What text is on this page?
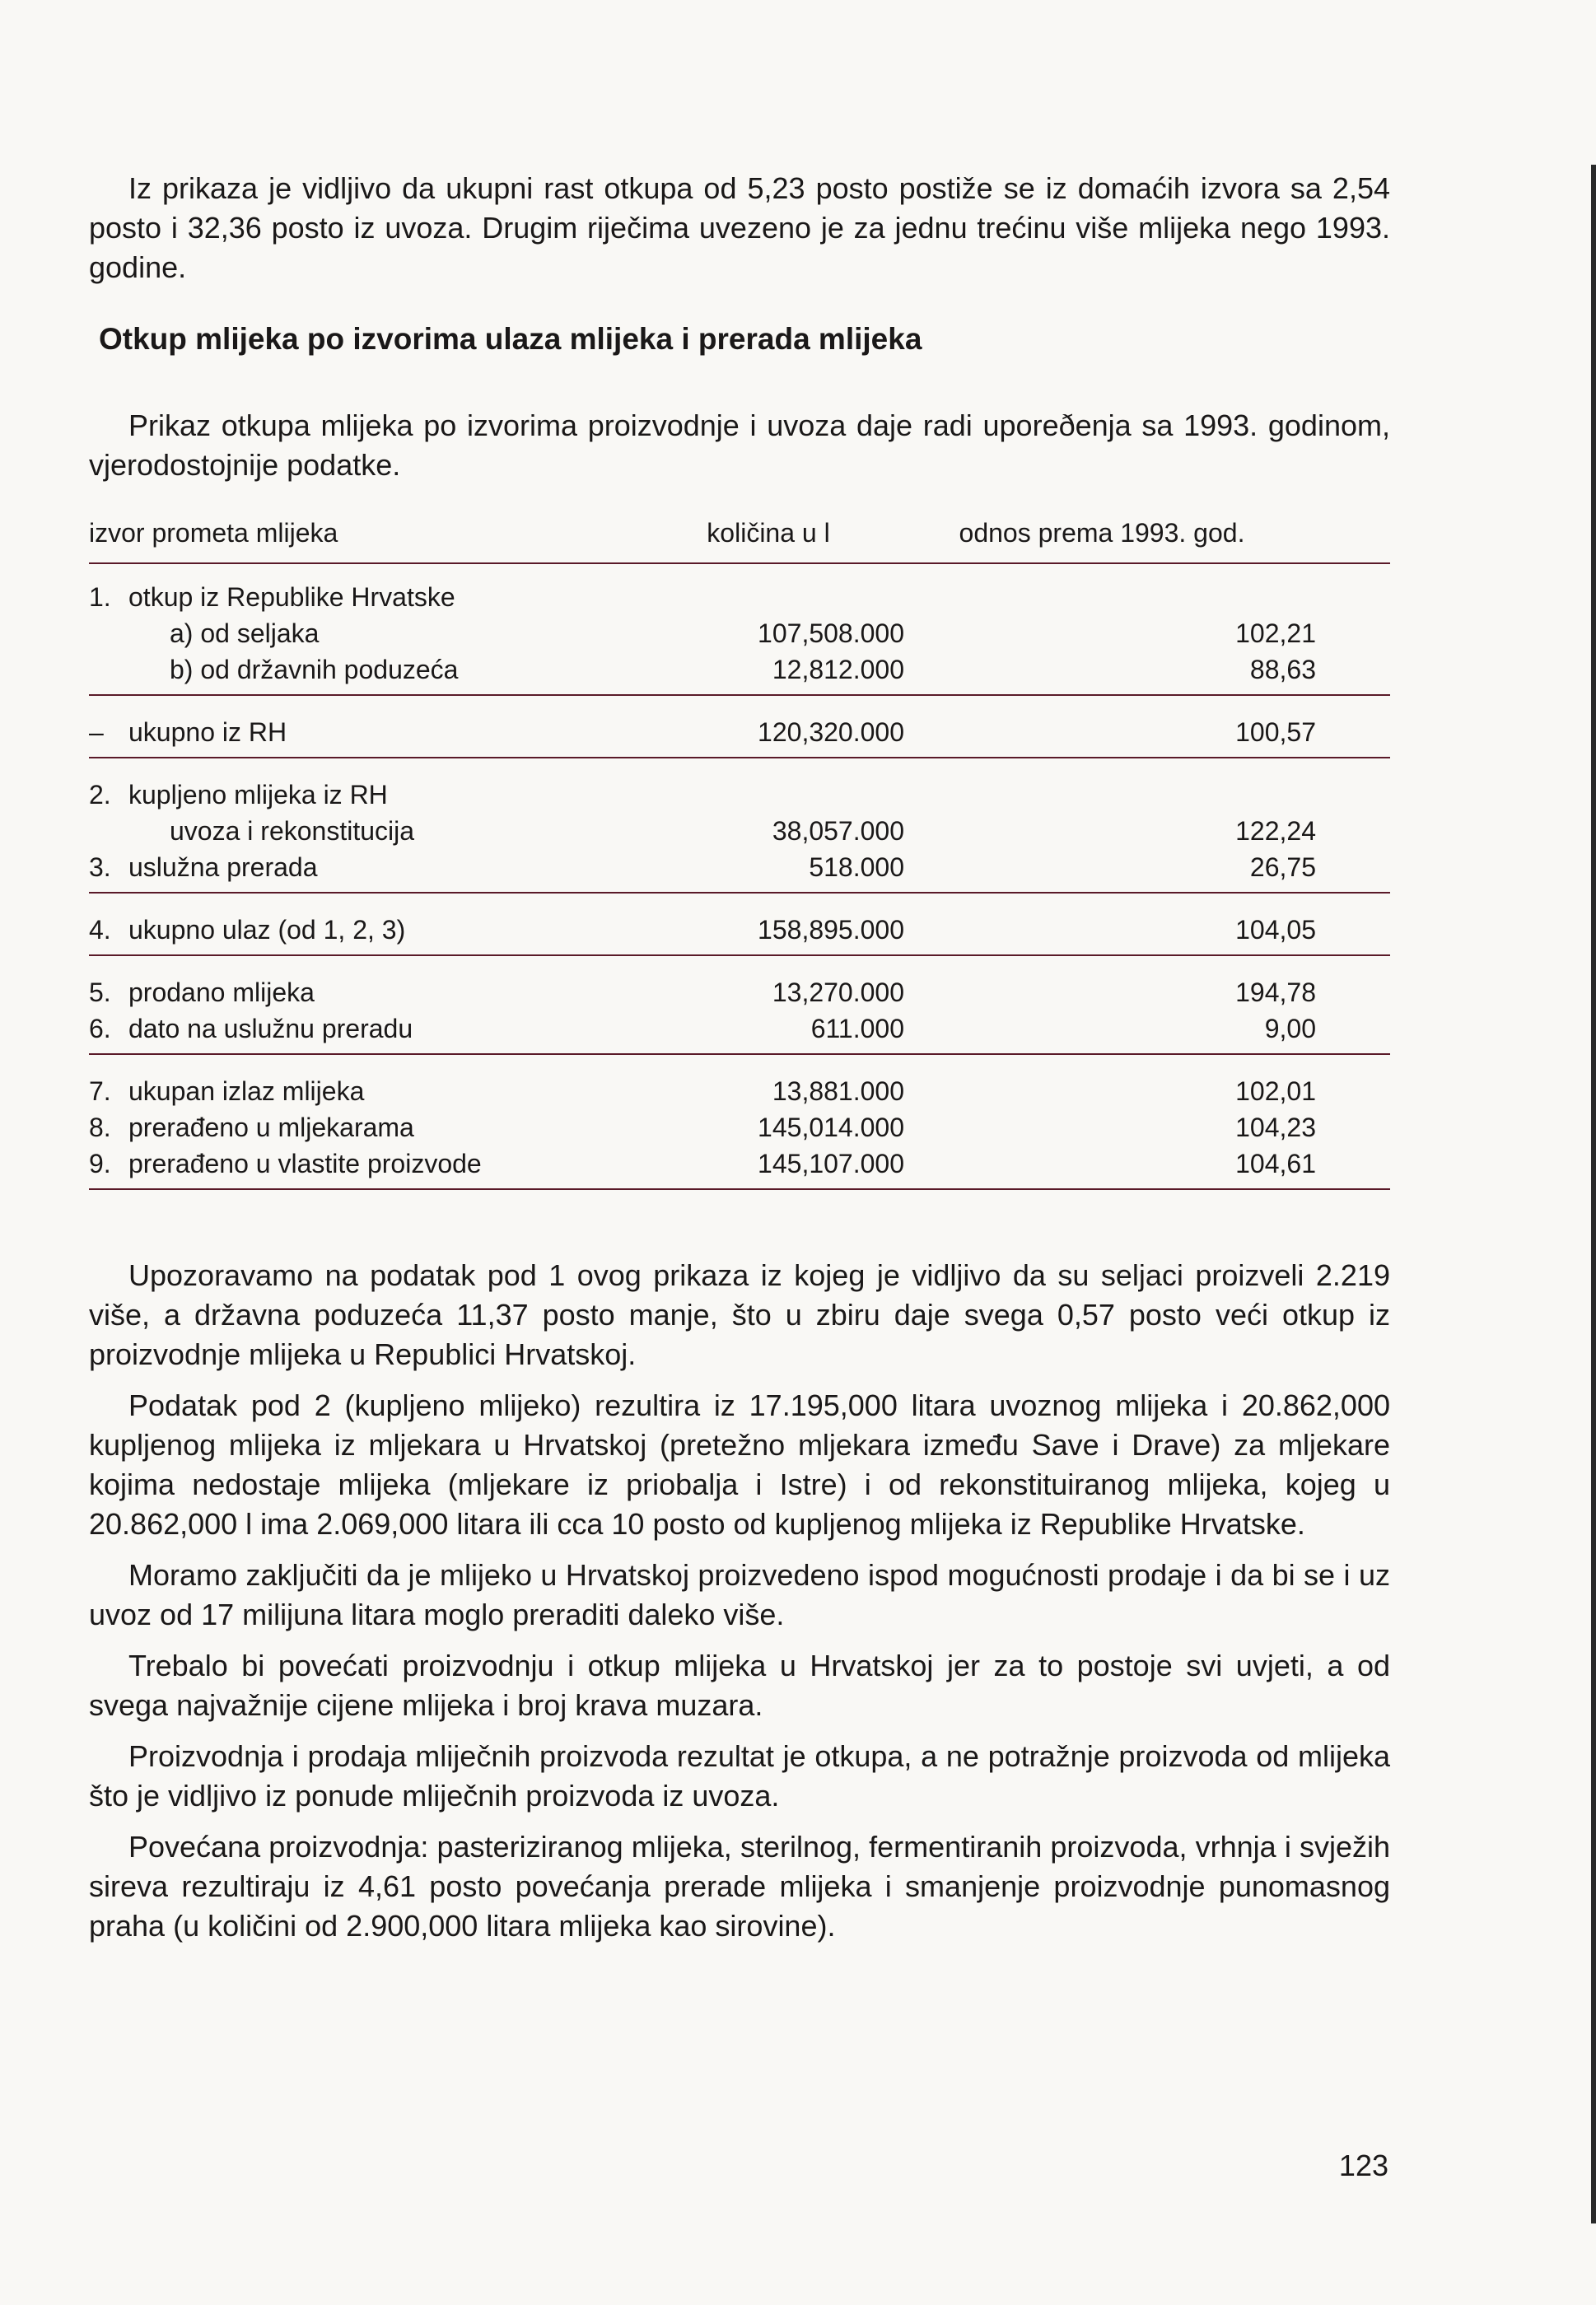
Iz prikaza je vidljivo da ukupni rast otkupa od 5,23 posto postiže se iz domaćih izvora sa 2,54 posto i 32,36 posto iz uvoza. Drugim riječima uvezeno je za jednu trećinu više mlijeka nego 1993. godine.

Otkup mlijeka po izvorima ulaza mlijeka i prerada mlijeka

Prikaz otkupa mlijeka po izvorima proizvodnje i uvoza daje radi uporeðenja sa 1993. godinom, vjerodostojnije podatke.

izvor prometa mlijeka	količina u l	odnos prema 1993. god.
1. otkup iz Republike Hrvatske
a) od seljaka	107,508.000	102,21
b) od državnih poduzeća	12,812.000	88,63
– ukupno iz RH	120,320.000	100,57
2. kupljeno mlijeka iz RH
uvoza i rekonstitucija	38,057.000	122,24
3. uslužna prerada	518.000	26,75
4. ukupno ulaz (od 1, 2, 3)	158,895.000	104,05
5. prodano mlijeka	13,270.000	194,78
6. dato na uslužnu preradu	611.000	9,00
7. ukupan izlaz mlijeka	13,881.000	102,01
8. prerađeno u mljekarama	145,014.000	104,23
9. prerađeno u vlastite proizvode	145,107.000	104,61

Upozoravamo na podatak pod 1 ovog prikaza iz kojeg je vidljivo da su seljaci proizveli 2.219 više, a državna poduzeća 11,37 posto manje, što u zbiru daje svega 0,57 posto veći otkup iz proizvodnje mlijeka u Republici Hrvatskoj.

Podatak pod 2 (kupljeno mlijeko) rezultira iz 17.195,000 litara uvoznog mlijeka i 20.862,000 kupljenog mlijeka iz mljekara u Hrvatskoj (pretežno mljekara između Save i Drave) za mljekare kojima nedostaje mlijeka (mljekare iz priobalja i Istre) i od rekonstituiranog mlijeka, kojeg u 20.862,000 l ima 2.069,000 litara ili cca 10 posto od kupljenog mlijeka iz Republike Hrvatske.

Moramo zaključiti da je mlijeko u Hrvatskoj proizvedeno ispod mogućnosti prodaje i da bi se i uz uvoz od 17 milijuna litara moglo preraditi daleko više.

Trebalo bi povećati proizvodnju i otkup mlijeka u Hrvatskoj jer za to postoje svi uvjeti, a od svega najvažnije cijene mlijeka i broj krava muzara.

Proizvodnja i prodaja mliječnih proizvoda rezultat je otkupa, a ne potražnje proizvoda od mlijeka što je vidljivo iz ponude mliječnih proizvoda iz uvoza.

Povećana proizvodnja: pasteriziranog mlijeka, sterilnog, fermentiranih proizvoda, vrhnja i svježih sireva rezultiraju iz 4,61 posto povećanja prerade mlijeka i smanjenje proizvodnje punomasnog praha (u količini od 2.900,000 litara mlijeka kao sirovine).

123
